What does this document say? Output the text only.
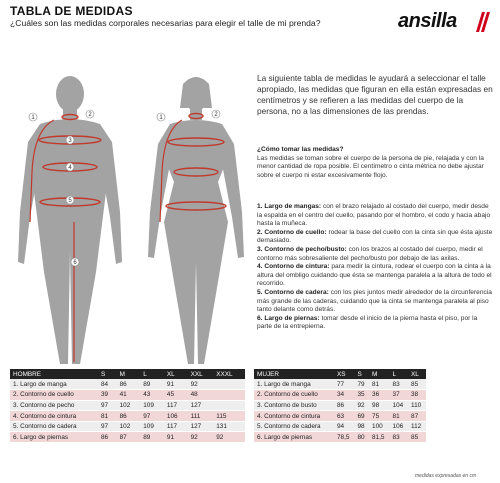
TABLA DE MEDIDAS
¿Cuáles son las medidas corporales necesarias para elegir el talle de mi prenda?	ansilla
1	2
3
4
5
6
1	2
La siguiente tabla de medidas le ayudará a seleccionar el talle apropiado, las medidas que figuran en ella están expresadas en centímetros y se refieren a las medidas del cuerpo de la persona, no a las dimensiones de las prendas.
¿Cómo tomar las medidas?
Las medidas se toman sobre el cuerpo de la persona de pie, relajada y con la menor cantidad de ropa posible. El centímetro o cinta métrica no debe ajustar sobre el cuerpo ni estar excesivamente flojo.

1. Largo de mangas: con el brazo relajado al costado del cuerpo, medir desde la espalda en el centro del cuello, pasando por el hombro, el codo y hacia abajo hasta la muñeca.

2. Contorno de cuello: rodear la base del cuello con la cinta sin que ésta ajuste demasiado.

3. Contorno de pecho/busto: con los brazos al costado del cuerpo, medir el contorno más sobresaliente del pecho/busto por debajo de las axilas.

4. Contorno de cintura: para medir la cintura, rodear el cuerpo con la cinta a la altura del ombligo cuidando que ésta se mantenga paralela a la altura de todo el recorrido.

5. Contorno de cadera: con los pies juntos medir alrededor de la circunferencia más grande de las caderas, cuidando que la cinta se mantenga paralela al piso tanto delante como detrás.

6. Largo de piernas: tomar desde el inicio de la pierna hasta el piso, por la parte de la entrepierna.

HOMBRE	S	M	L	XL	XXL	XXXL
1. Largo de manga	84	86	89	91	92	
2. Contorno de cuello	39	41	43	45	48	
3. Contorno de pecho	97	102	109	117	127	
4. Contorno de cintura	81	86	97	106	111	115
5. Contorno de cadera	97	102	109	117	127	131
6. Largo de piernas	86	87	89	91	92	92
MUJER	XS	S	M	L	XL
1. Largo de manga	77	79	81	83	85
2. Contorno de cuello	34	35	36	37	38
3. Contorno de busto	86	92	98	104	110
4. Contorno de cintura	63	69	75	81	87
5. Contorno de cadera	94	98	100	106	112
6. Largo de piernas	78,5	80	81,5	83	85
medidas expresadas en cm
